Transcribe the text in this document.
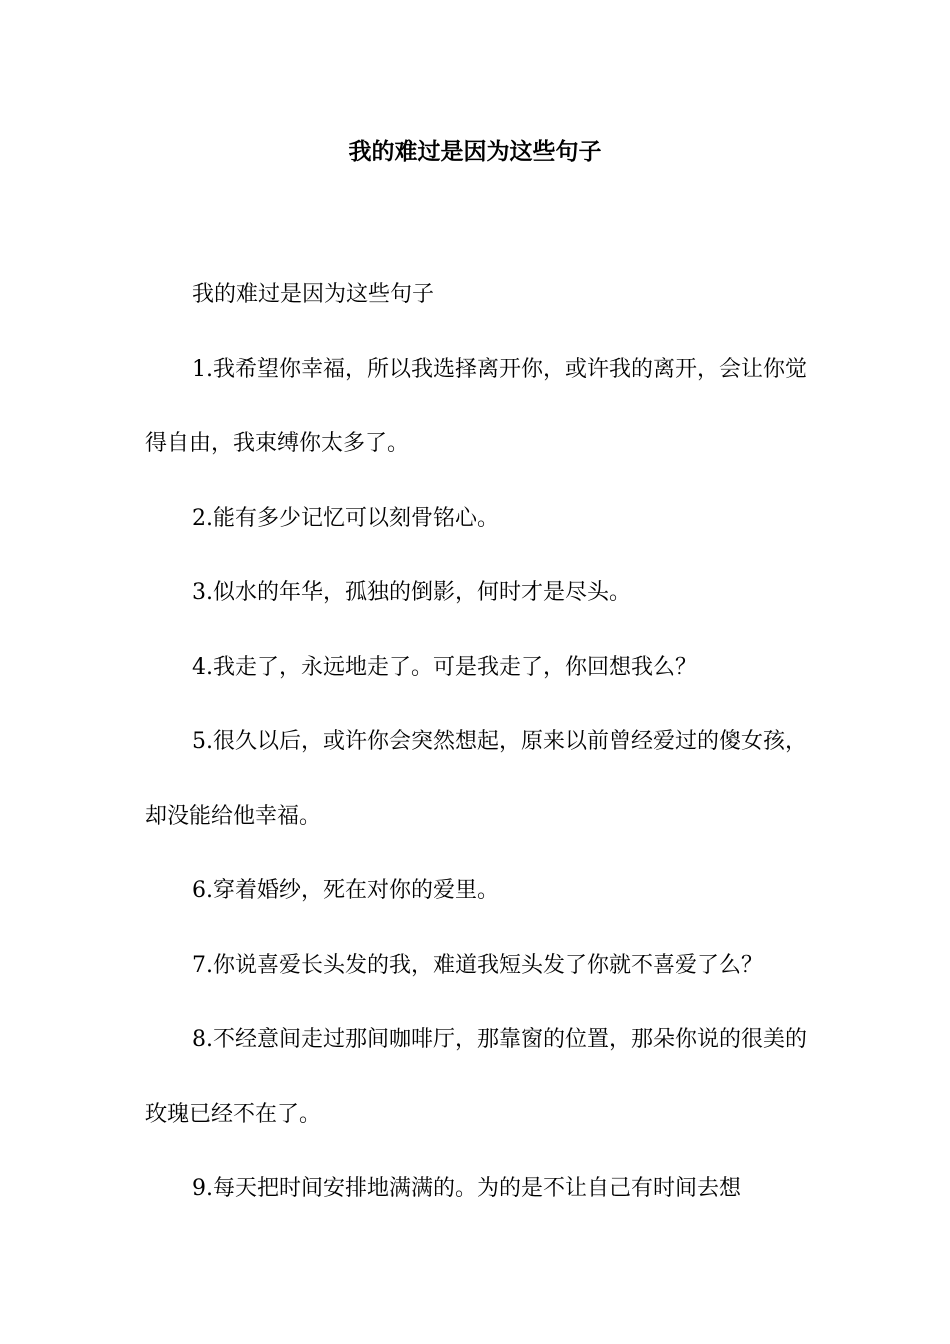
我的难过是因为这些句子

我的难过是因为这些句子

1.我希望你幸福，所以我选择离开你，或许我的离开，会让你觉得自由，我束缚你太多了。

2.能有多少记忆可以刻骨铭心。

3.似水的年华，孤独的倒影，何时才是尽头。

4.我走了，永远地走了。可是我走了，你回想我么？

5.很久以后，或许你会突然想起，原来以前曾经爱过的傻女孩，却没能给他幸福。

6.穿着婚纱，死在对你的爱里。

7.你说喜爱长头发的我，难道我短头发了你就不喜爱了么？

8.不经意间走过那间咖啡厅，那靠窗的位置，那朵你说的很美的玫瑰已经不在了。

9.每天把时间安排地满满的。为的是不让自己有时间去想
